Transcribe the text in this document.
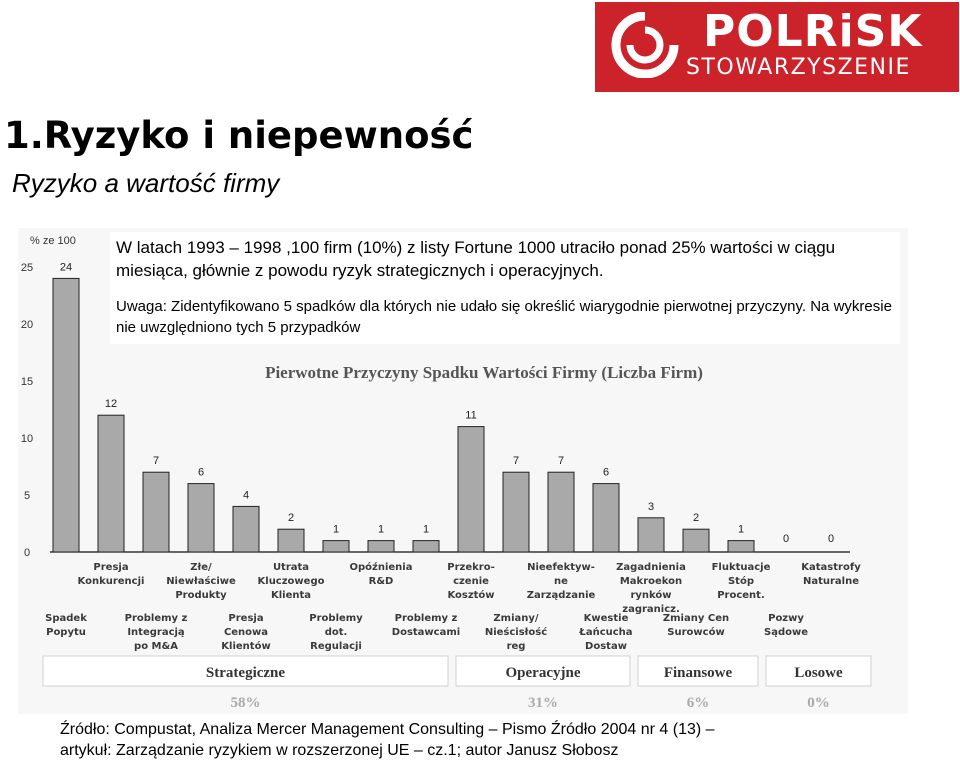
POLRiSK
STOWARZYSZENIE
1.Ryzyko i niepewność
Ryzyko a wartość firmy
% ze 100
0
5
10
15
20
25
Pierwotne Przyczyny Spadku Wartości Firmy (Liczba Firm)
24
12
7
6
4
2
1	1	1
11
7	7
6
3
2
1
0	0
Spadek Popytu
Presja Konkurencji
Problemy z Integracją po M&A
Złe/ Niewłaściwe Produkty
Presja Cenowa Klientów
Utrata Kluczowego Klienta
Problemy dot. Regulacji
Opóźnienia R&D
Problemy z Dostawcami
Przekro-czenie Kosztów
Zmiany/ Nieścisłość reg
Nieefektyw-ne Zarządzanie
Kwestie Łańcucha Dostaw
Zagadnienia Makroekon rynków zagranicz.
Zmiany Cen Surowców
Fluktuacje Stóp Procent.
Pozwy Sądowe
Katastrofy Naturalne
Strategiczne
58%
Operacyjne
31%
Finansowe
6%
Losowe
0%
W latach 1993 – 1998 ,100 firm (10%) z listy Fortune 1000 utraciło ponad 25% wartości w ciągu miesiąca, głównie z powodu ryzyk strategicznych i operacyjnych.
Uwaga: Zidentyfikowano 5 spadków dla których nie udało się określić wiarygodnie pierwotnej przyczyny. Na wykresie nie uwzględniono tych 5 przypadków
Źródło: Compustat, Analiza Mercer Management Consulting – Pismo Źródło 2004 nr 4 (13) –
artykuł: Zarządzanie ryzykiem w rozszerzonej UE – cz.1; autor Janusz Słobosz
